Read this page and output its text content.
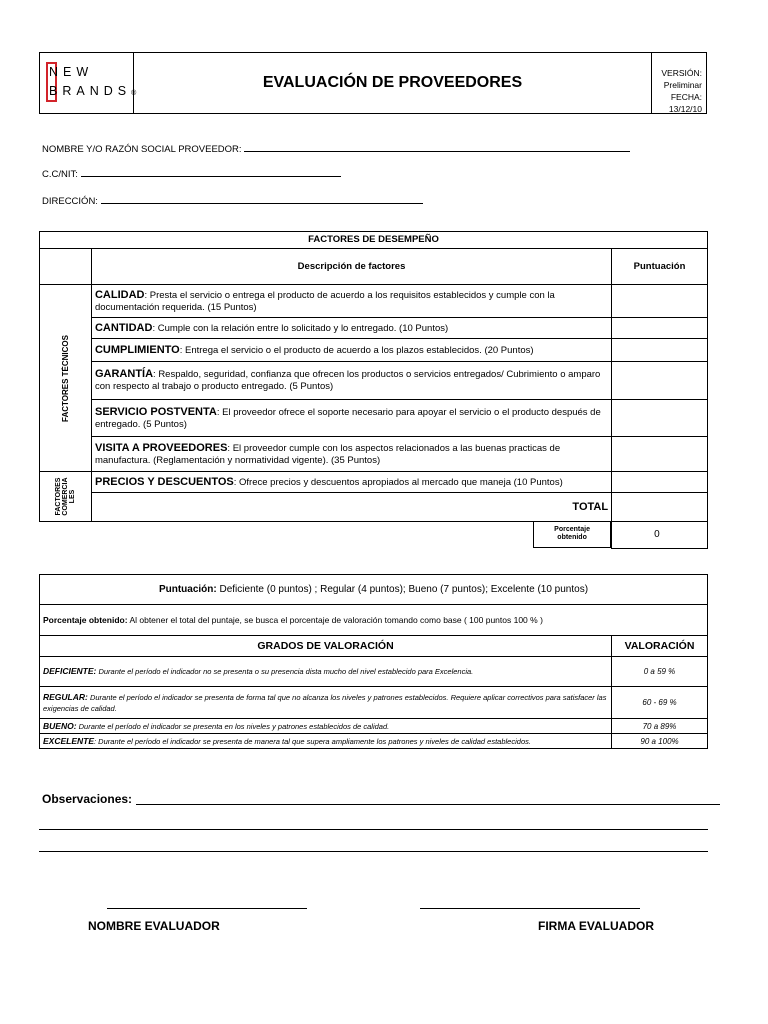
NEW
BRANDS®
EVALUACIÓN DE PROVEEDORES
VERSIÓN: Preliminar
FECHA: 13/12/10
NOMBRE Y/O RAZÓN SOCIAL PROVEEDOR:
C.C/NIT:
DIRECCIÓN:
FACTORES DE DESEMPEÑO		
	Descripción de factores	Puntuación

FACTORES TÉCNICOS	CALIDAD: Presta el servicio o entrega el producto de acuerdo a los requisitos establecidos y cumple con la documentación requerida. (15 Puntos)	
	CANTIDAD: Cumple con la relación entre lo solicitado y lo entregado. (10 Puntos)	
	CUMPLIMIENTO: Entrega el servicio o el producto de acuerdo a los plazos establecidos. (20 Puntos)	
	GARANTÍA: Respaldo, seguridad, confianza que ofrecen los productos o servicios entregados/ Cubrimiento o amparo con respecto al trabajo o producto entregado. (5 Puntos)	
	SERVICIO POSTVENTA: El proveedor ofrece el soporte necesario para apoyar el servicio o el producto después de entregado. (5 Puntos)	
	VISITA A PROVEEDORES: El proveedor cumple con los aspectos relacionados a las buenas practicas de manufactura. (Reglamentación y normatividad vigente). (35 Puntos)	

FACTORES COMERCIA LES	PRECIOS Y DESCUENTOS: Ofrece precios y descuentos apropiados al mercado que maneja (10 Puntos)	
	TOTAL	

	Porcentaje
obtenido	0
Puntuación: Deficiente (0 puntos) ; Regular (4 puntos); Bueno (7 puntos); Excelente (10 puntos)	
Porcentaje obtenido: Al obtener el total del puntaje, se busca el porcentaje de valoración tomando como base ( 100 puntos 100 % )	
GRADOS DE VALORACIÓN	VALORACIÓN
DEFICIENTE: Durante el período el indicador no se presenta o su presencia dista mucho del nivel establecido para Excelencia.	0 a 59 %
REGULAR: Durante el período el indicador se presenta de forma tal que no alcanza los niveles y patrones establecidos. Requiere aplicar correctivos para satisfacer las exigencias de calidad.	60 - 69 %
BUENO: Durante el período el indicador se presenta en los niveles y patrones establecidos de calidad.	70 a 89%
EXCELENTE: Durante el período el indicador se presenta de manera tal que supera ampliamente los patrones y niveles de calidad establecidos.	90 a 100%
Observaciones:
NOMBRE EVALUADOR	FIRMA EVALUADOR
